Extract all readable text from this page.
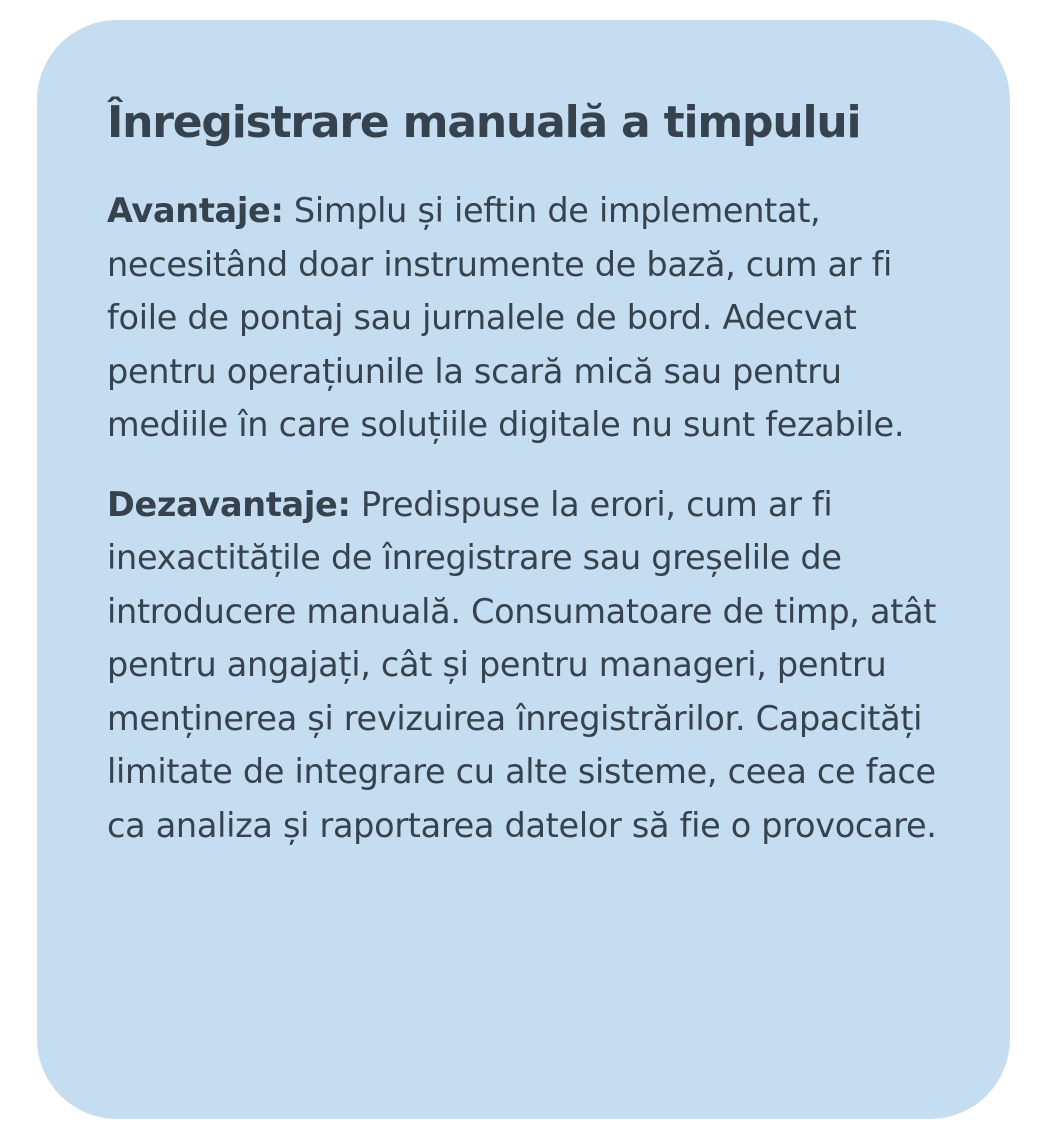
Înregistrare manuală a timpului

Avantaje: Simplu și ieftin de implementat, necesitând doar instrumente de bază, cum ar fi foile de pontaj sau jurnalele de bord. Adecvat pentru operațiunile la scară mică sau pentru mediile în care soluțiile digitale nu sunt fezabile.

Dezavantaje: Predispuse la erori, cum ar fi inexactitățile de înregistrare sau greșelile de introducere manuală. Consumatoare de timp, atât pentru angajați, cât și pentru manageri, pentru menținerea și revizuirea înregistrărilor. Capacități limitate de integrare cu alte sisteme, ceea ce face ca analiza și raportarea datelor să fie o provocare.
